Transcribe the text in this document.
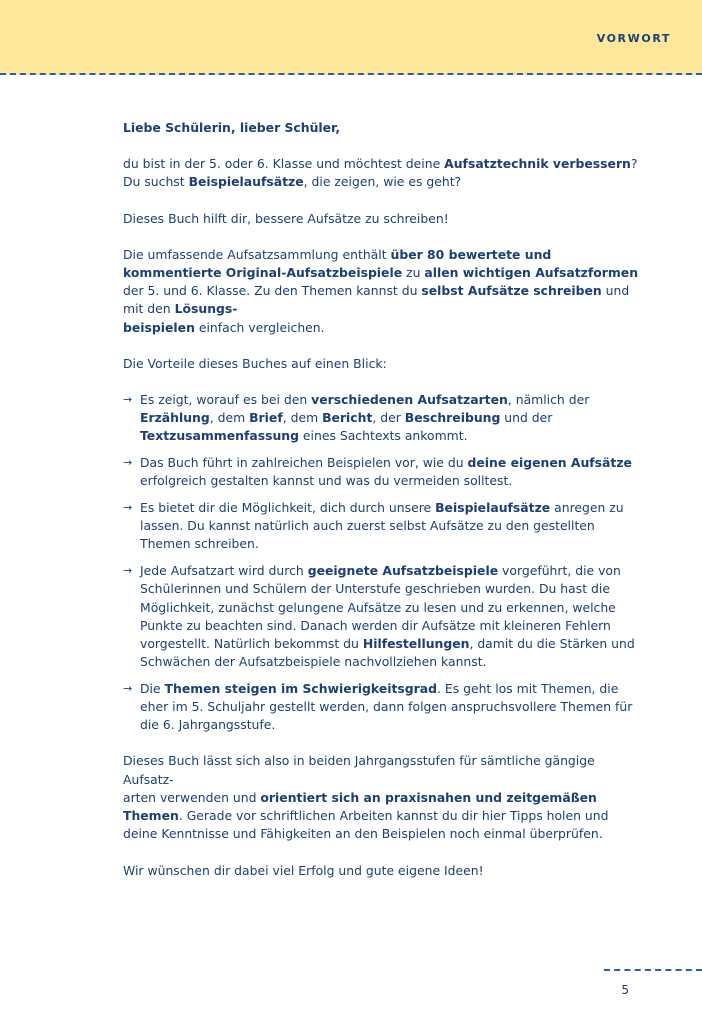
VORWORT

Liebe Schülerin, lieber Schüler,

du bist in der 5. oder 6. Klasse und möchtest deine Aufsatztechnik verbessern?
Du suchst Beispielaufsätze, die zeigen, wie es geht?

Dieses Buch hilft dir, bessere Aufsätze zu schreiben!

Die umfassende Aufsatzsammlung enthält über 80 bewertete und kommentierte Original-Aufsatzbeispiele zu allen wichtigen Aufsatzformen der 5. und 6. Klasse. Zu den Themen kannst du selbst Aufsätze schreiben und mit den Lösungs-
beispielen einfach vergleichen.

Die Vorteile dieses Buches auf einen Blick:

→ Es zeigt, worauf es bei den verschiedenen Aufsatzarten, nämlich der Erzählung, dem Brief, dem Bericht, der Beschreibung und der Textzusammenfassung eines Sachtexts ankommt.
→ Das Buch führt in zahlreichen Beispielen vor, wie du deine eigenen Aufsätze erfolgreich gestalten kannst und was du vermeiden solltest.
→ Es bietet dir die Möglichkeit, dich durch unsere Beispielaufsätze anregen zu lassen. Du kannst natürlich auch zuerst selbst Aufsätze zu den gestellten Themen schreiben.
→ Jede Aufsatzart wird durch geeignete Aufsatzbeispiele vorgeführt, die von Schülerinnen und Schülern der Unterstufe geschrieben wurden. Du hast die Möglichkeit, zunächst gelungene Aufsätze zu lesen und zu erkennen, welche Punkte zu beachten sind. Danach werden dir Aufsätze mit kleineren Fehlern vorgestellt. Natürlich bekommst du Hilfestellungen, damit du die Stärken und Schwächen der Aufsatzbeispiele nachvollziehen kannst.
→ Die Themen steigen im Schwierigkeitsgrad. Es geht los mit Themen, die eher im 5. Schuljahr gestellt werden, dann folgen anspruchsvollere Themen für die 6. Jahrgangsstufe.

Dieses Buch lässt sich also in beiden Jahrgangsstufen für sämtliche gängige Aufsatz-
arten verwenden und orientiert sich an praxisnahen und zeitgemäßen Themen. Gerade vor schriftlichen Arbeiten kannst du dir hier Tipps holen und deine Kenntnisse und Fähigkeiten an den Beispielen noch einmal überprüfen.

Wir wünschen dir dabei viel Erfolg und gute eigene Ideen!

5
